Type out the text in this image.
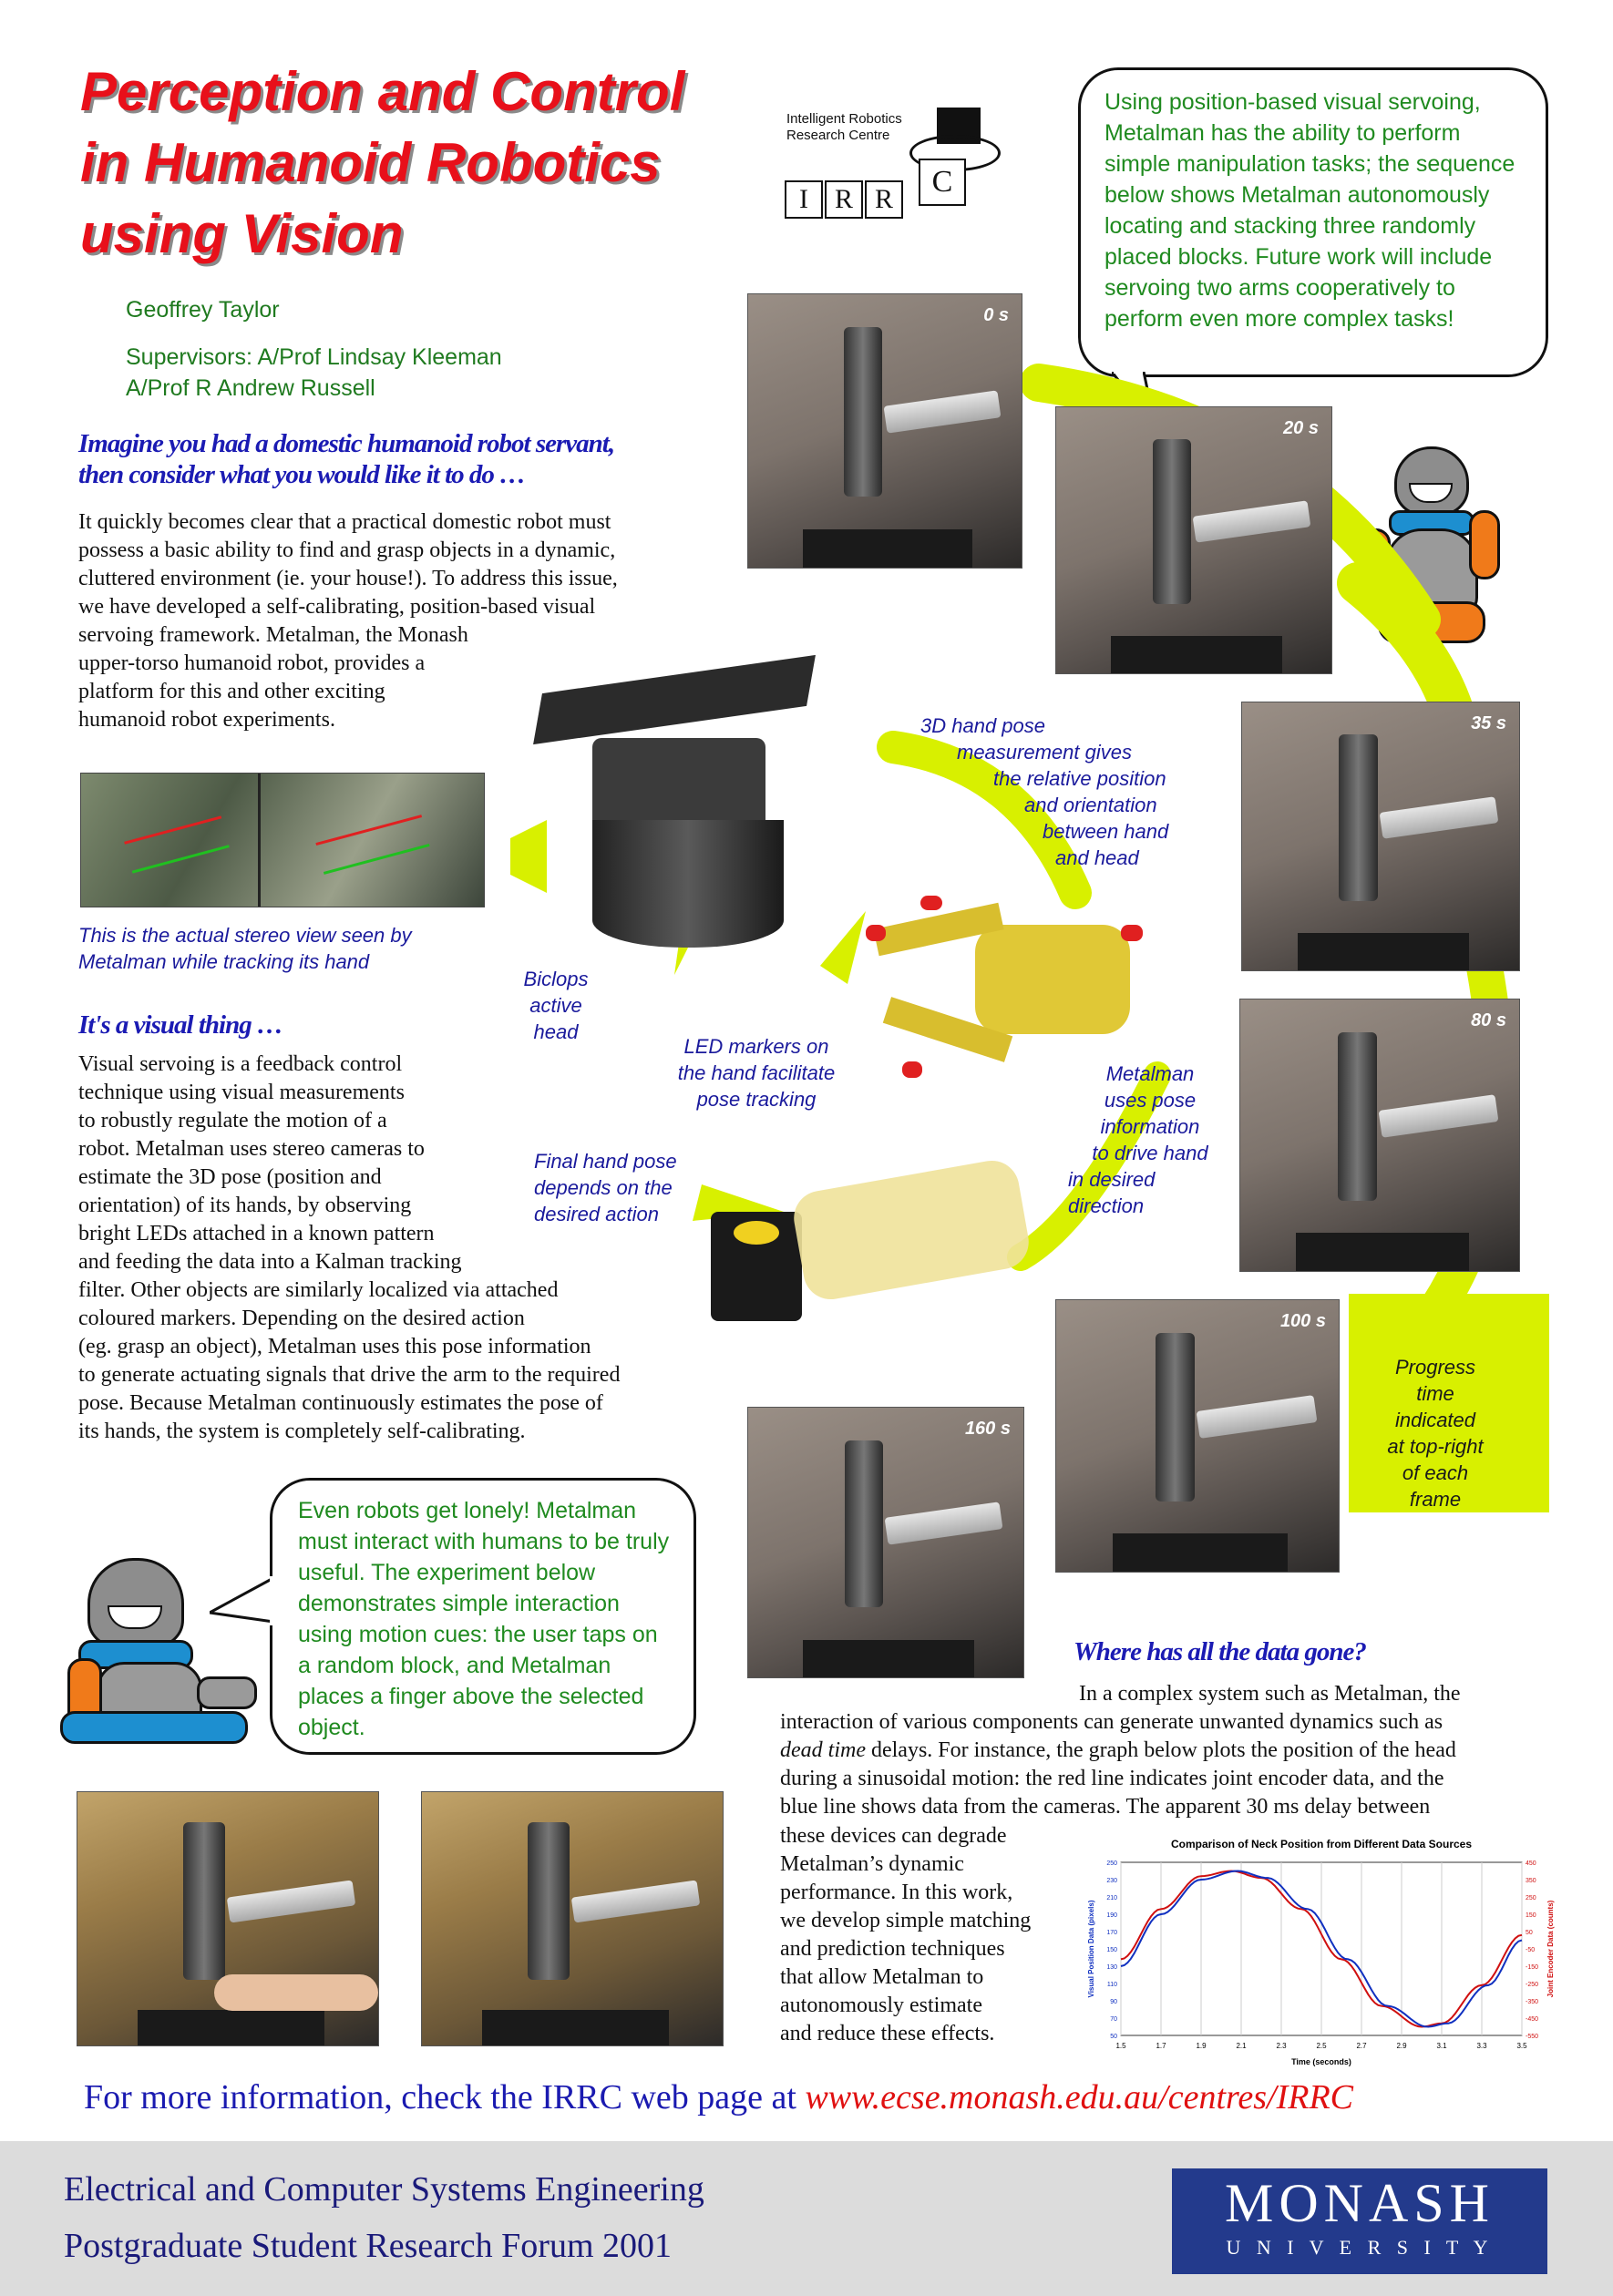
Perception and Control
in Humanoid Robotics
using Vision
Intelligent Robotics
Research Centre
I R R
C
Geoffrey Taylor
Supervisors: A/Prof Lindsay Kleeman
A/Prof R Andrew Russell
Using position-based visual servoing, Metalman has the ability to perform simple manipulation tasks; the sequence below shows Metalman autonomously locating and stacking three randomly placed blocks. Future work will include servoing two arms cooperatively to perform even more complex tasks!
Imagine you had a domestic humanoid robot servant,
then consider what you would like it to do …
It quickly becomes clear that a practical domestic robot must
possess a basic ability to find and grasp objects in a dynamic,
cluttered environment (ie. your house!). To address this issue,
we have developed a self-calibrating, position-based visual
servoing framework. Metalman, the Monash
upper-torso humanoid robot, provides a
platform for this and other exciting
humanoid robot experiments.
This is the actual stereo view seen by
Metalman while tracking its hand
It's a visual thing …
Visual servoing is a feedback control
technique using visual measurements
to robustly regulate the motion of a
robot. Metalman uses stereo cameras to
estimate the 3D pose (position and
orientation) of its hands, by observing
bright LEDs attached in a known pattern
and feeding the data into a Kalman tracking
filter. Other objects are similarly localized via attached
coloured markers. Depending on the desired action
(eg. grasp an object), Metalman uses this pose information
to generate actuating signals that drive the arm to the required
pose. Because Metalman continuously estimates the pose of
its hands, the system is completely self-calibrating.
Biclops
active
head
LED markers on
the hand facilitate
pose tracking
Final hand pose
depends on the
desired action
3D hand pose
measurement gives
the relative position
and orientation
between hand
and head
Metalman
uses pose
information
to drive hand
in desired
direction
Progress
time
indicated
at top-right
of each
frame
0 s
20 s
35 s
80 s
100 s
160 s
Even robots get lonely! Metalman must interact with humans to be truly useful. The experiment below demonstrates simple interaction using motion cues: the user taps on a random block, and Metalman places a finger above the selected object.
Where has all the data gone?
In a complex system such as Metalman, the
interaction of various components can generate unwanted dynamics such as
dead time delays. For instance, the graph below plots the position of the head
during a sinusoidal motion: the red line indicates joint encoder data, and the
blue line shows data from the cameras. The apparent 30 ms delay between
these devices can degrade
Metalman’s dynamic
performance. In this work,
we develop simple matching
and prediction techniques
that allow Metalman to
autonomously estimate
and reduce these effects.
Comparison of Neck Position from Different Data Sources
1.5	1.7	1.9	2.1	2.3	2.5	2.7	2.9	3.1	3.3	3.5
50
70
90
110
130
150
170
190
210
230
250
-550
-450
-350
-250
-150
-50
50
150
250
350
450
Time (seconds)
Visual Position Data (pixels)	Joint Encoder Data (counts)
For more information, check the IRRC web page at www.ecse.monash.edu.au/centres/IRRC
Electrical and Computer Systems Engineering
Postgraduate Student Research Forum 2001
MONASH
U N I V E R S I T Y
